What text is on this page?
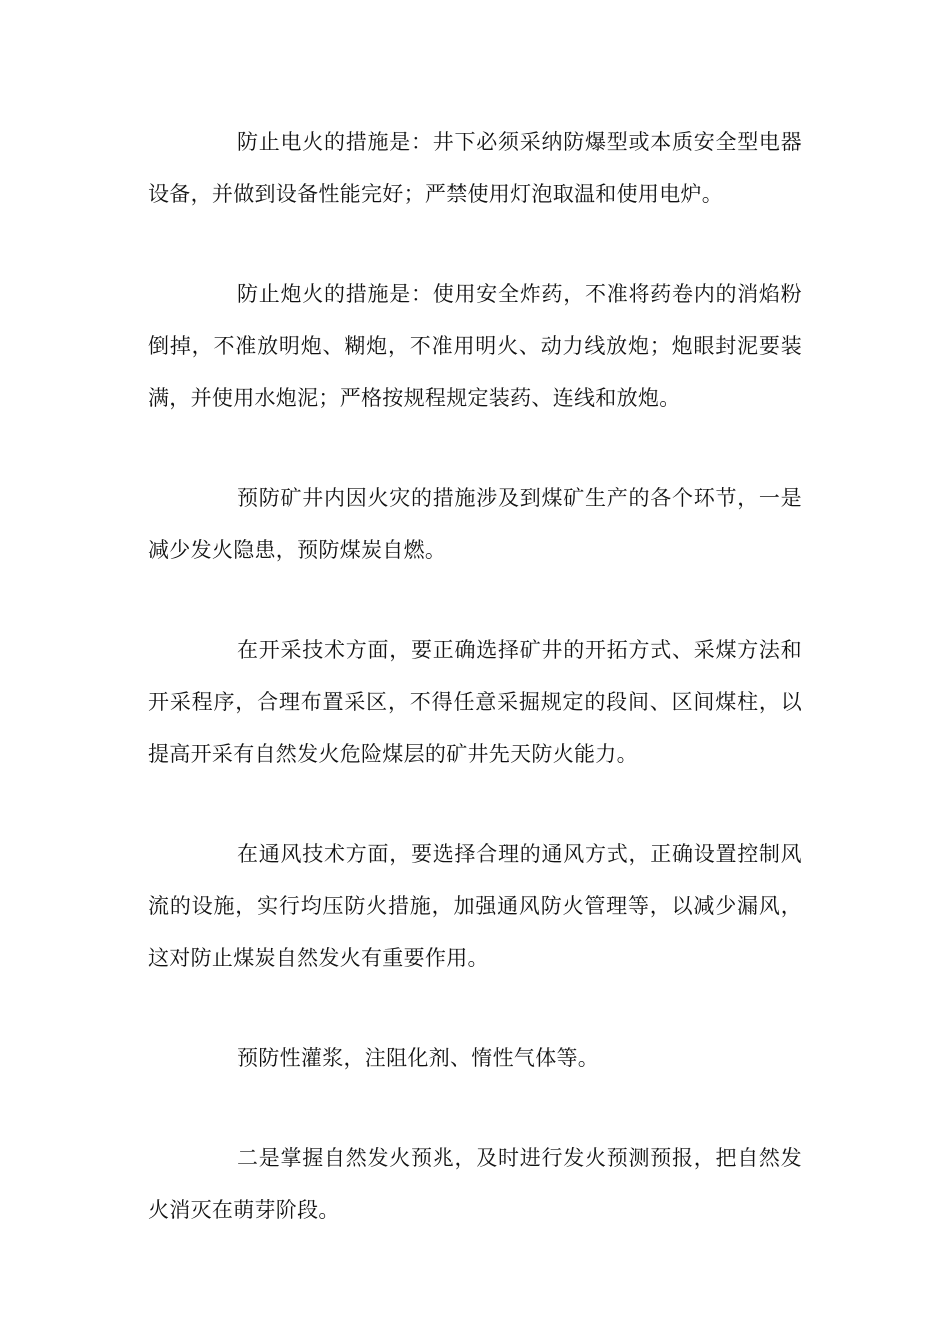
防止电火的措施是：井下必须采纳防爆型或本质安全型电器设备，并做到设备性能完好；严禁使用灯泡取温和使用电炉。

防止炮火的措施是：使用安全炸药，不准将药卷内的消焰粉倒掉，不准放明炮、糊炮，不准用明火、动力线放炮；炮眼封泥要装满，并使用水炮泥；严格按规程规定装药、连线和放炮。

预防矿井内因火灾的措施涉及到煤矿生产的各个环节，一是减少发火隐患，预防煤炭自燃。

在开采技术方面，要正确选择矿井的开拓方式、采煤方法和开采程序，合理布置采区，不得任意采掘规定的段间、区间煤柱，以提高开采有自然发火危险煤层的矿井先天防火能力。

在通风技术方面，要选择合理的通风方式，正确设置控制风流的设施，实行均压防火措施，加强通风防火管理等，以减少漏风，这对防止煤炭自然发火有重要作用。

预防性灌浆，注阻化剂、惰性气体等。

二是掌握自然发火预兆，及时进行发火预测预报，把自然发火消灭在萌芽阶段。
